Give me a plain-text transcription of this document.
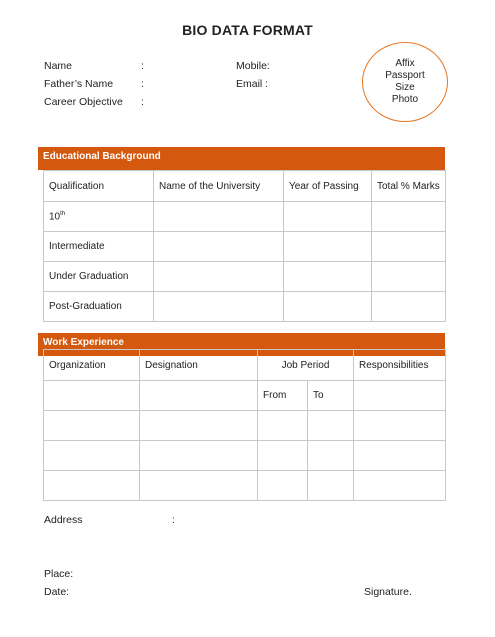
BIO DATA FORMAT
Name	:
Father’s Name	:
Career Objective :
Mobile:
Email :
Affix
Passport
Size
Photo
Educational Background
Qualification	Name of the University	Year of Passing	Total % Marks
10th			
Intermediate			
Under Graduation			
Post-Graduation			
Work Experience
Organization	Designation	Job Period		Responsibilities
		From	To	

Address	:
Place:
Date:	Signature.
